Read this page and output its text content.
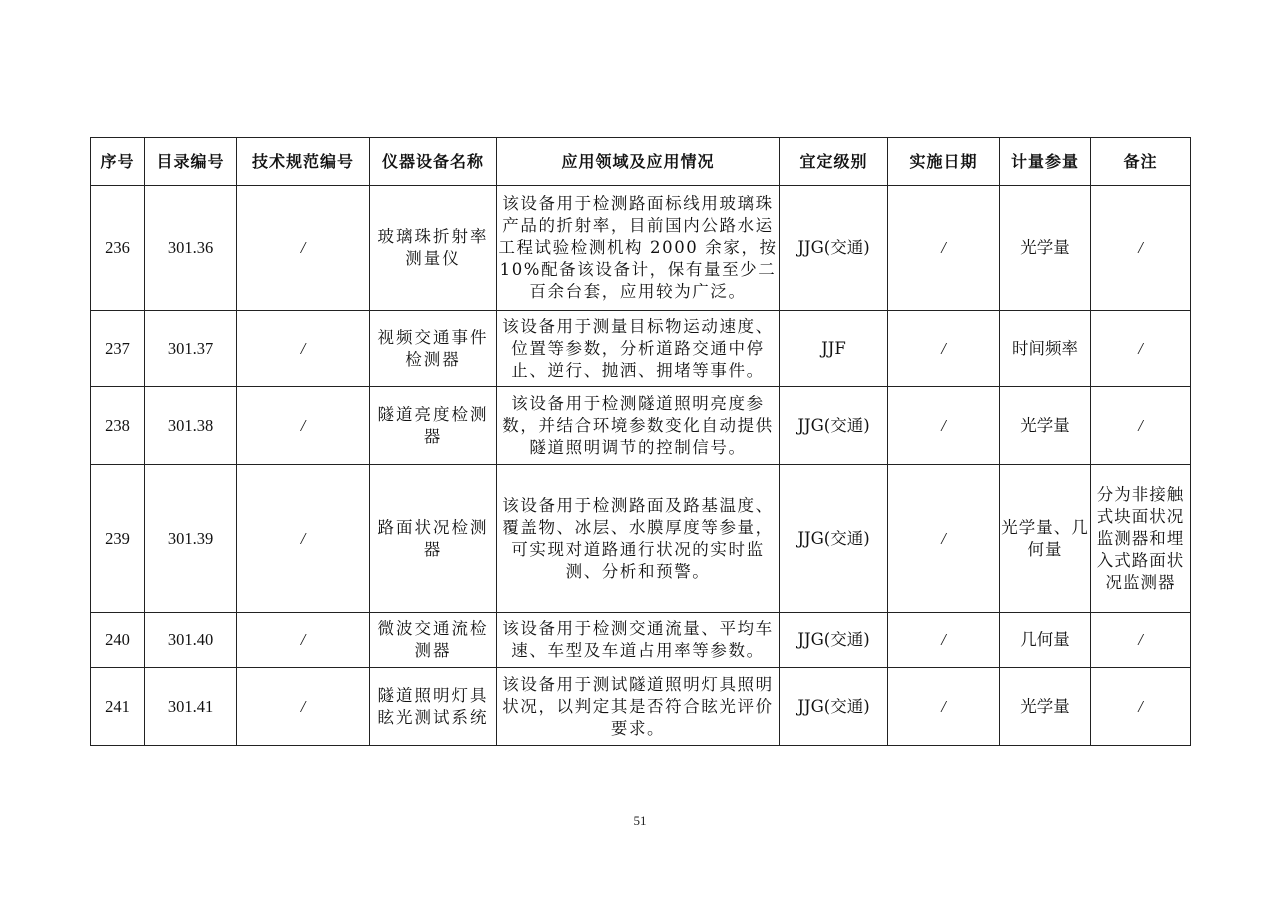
序号	目录编号	技术规范编号	仪器设备名称	应用领域及应用情况	宜定级别	实施日期	计量参量	备注
236	301.36	/	玻璃珠折射率测量仪	该设备用于检测路面标线用玻璃珠产品的折射率，目前国内公路水运工程试验检测机构 2000 余家，按 10%配备该设备计，保有量至少二百余台套，应用较为广泛。	JJG(交通)	/	光学量	/
237	301.37	/	视频交通事件检测器	该设备用于测量目标物运动速度、位置等参数，分析道路交通中停止、逆行、抛洒、拥堵等事件。	JJF	/	时间频率	/
238	301.38	/	隧道亮度检测器	该设备用于检测隧道照明亮度参数，并结合环境参数变化自动提供隧道照明调节的控制信号。	JJG(交通)	/	光学量	/
239	301.39	/	路面状况检测器	该设备用于检测路面及路基温度、覆盖物、冰层、水膜厚度等参量，可实现对道路通行状况的实时监测、分析和预警。	JJG(交通)	/	光学量、几何量	分为非接触式块面状况监测器和埋入式路面状况监测器
240	301.40	/	微波交通流检测器	该设备用于检测交通流量、平均车速、车型及车道占用率等参数。	JJG(交通)	/	几何量	/
241	301.41	/	隧道照明灯具眩光测试系统	该设备用于测试隧道照明灯具照明状况，以判定其是否符合眩光评价要求。	JJG(交通)	/	光学量	/
51
